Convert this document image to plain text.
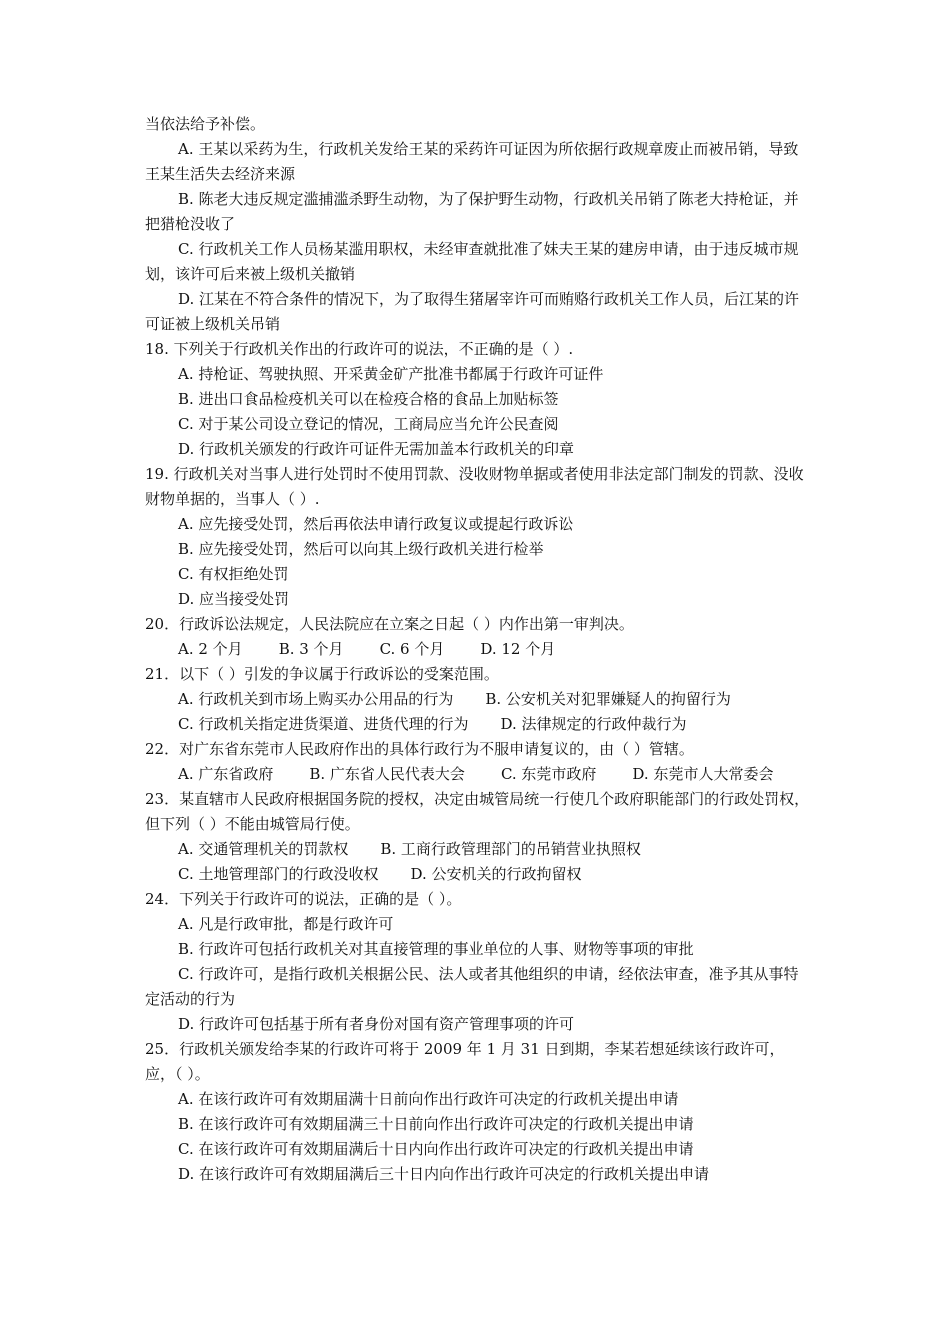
当依法给予补偿。

A. 王某以采药为生，行政机关发给王某的采药许可证因为所依据行政规章废止而被吊销，导致王某生活失去经济来源

B. 陈老大违反规定滥捕滥杀野生动物，为了保护野生动物，行政机关吊销了陈老大持枪证，并把猎枪没收了

C. 行政机关工作人员杨某滥用职权，未经审查就批准了妹夫王某的建房申请，由于违反城市规划，该许可后来被上级机关撤销

D. 江某在不符合条件的情况下，为了取得生猪屠宰许可而贿赂行政机关工作人员，后江某的许可证被上级机关吊销

18. 下列关于行政机关作出的行政许可的说法，不正确的是（ ）.

A. 持枪证、驾驶执照、开采黄金矿产批准书都属于行政许可证件

B. 进出口食品检疫机关可以在检疫合格的食品上加贴标签

C. 对于某公司设立登记的情况，工商局应当允许公民查阅

D. 行政机关颁发的行政许可证件无需加盖本行政机关的印章

19. 行政机关对当事人进行处罚时不使用罚款、没收财物单据或者使用非法定部门制发的罚款、没收财物单据的，当事人（ ）.

A. 应先接受处罚，然后再依法申请行政复议或提起行政诉讼

B. 应先接受处罚，然后可以向其上级行政机关进行检举

C. 有权拒绝处罚

D. 应当接受处罚

20．行政诉讼法规定，人民法院应在立案之日起（ ）内作出第一审判决。

A. 2 个月 B. 3 个月 C. 6 个月 D. 12 个月

21．以下（ ）引发的争议属于行政诉讼的受案范围。

A. 行政机关到市场上购买办公用品的行为 B. 公安机关对犯罪嫌疑人的拘留行为

C. 行政机关指定进货渠道、进货代理的行为 D. 法律规定的行政仲裁行为

22．对广东省东莞市人民政府作出的具体行政行为不服申请复议的，由（ ）管辖。

A. 广东省政府 B. 广东省人民代表大会 C. 东莞市政府 D. 东莞市人大常委会

23．某直辖市人民政府根据国务院的授权，决定由城管局统一行使几个政府职能部门的行政处罚权，但下列（ ）不能由城管局行使。

A. 交通管理机关的罚款权 B. 工商行政管理部门的吊销营业执照权

C. 土地管理部门的行政没收权 D. 公安机关的行政拘留权

24．下列关于行政许可的说法，正确的是（ ）。

A. 凡是行政审批，都是行政许可

B. 行政许可包括行政机关对其直接管理的事业单位的人事、财物等事项的审批

C. 行政许可，是指行政机关根据公民、法人或者其他组织的申请，经依法审查，准予其从事特定活动的行为

D. 行政许可包括基于所有者身份对国有资产管理事项的许可

25．行政机关颁发给李某的行政许可将于 2009 年 1 月 31 日到期，李某若想延续该行政许可，应，（ ）。

A. 在该行政许可有效期届满十日前向作出行政许可决定的行政机关提出申请

B. 在该行政许可有效期届满三十日前向作出行政许可决定的行政机关提出申请

C. 在该行政许可有效期届满后十日内向作出行政许可决定的行政机关提出申请

D. 在该行政许可有效期届满后三十日内向作出行政许可决定的行政机关提出申请
